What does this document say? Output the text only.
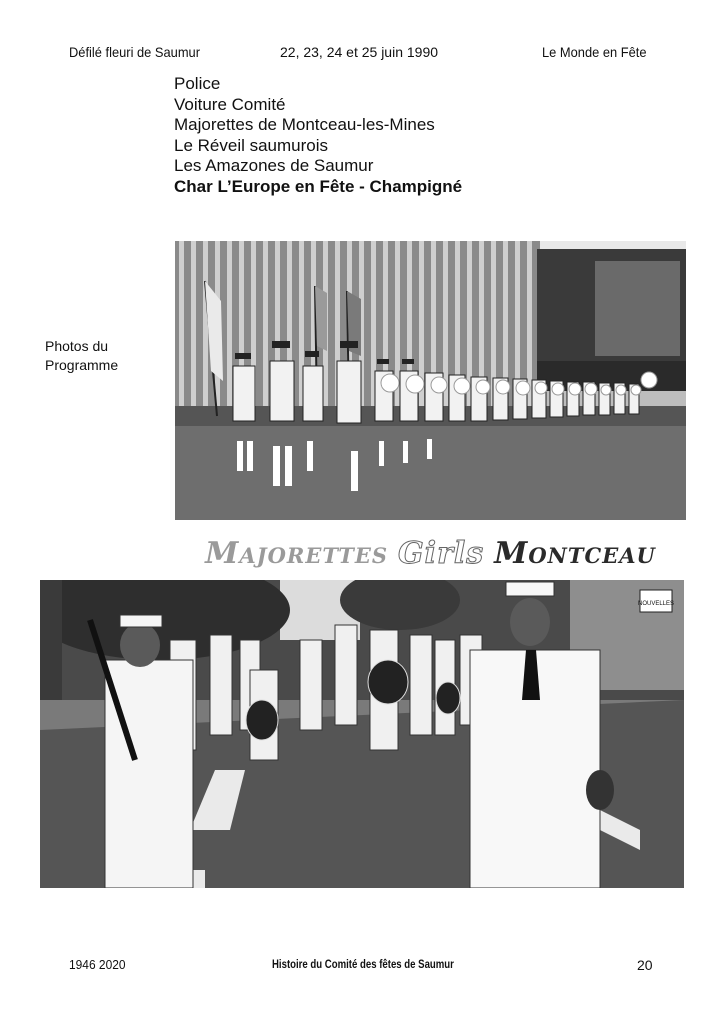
Défilé fleuri de Saumur	22, 23, 24 et 25 juin 1990	Le Monde en Fête
Police
Voiture Comité
Majorettes de Montceau-les-Mines
Le Réveil saumurois
Les Amazones de Saumur
Char L’Europe en Fête - Champigné
Photos du
Programme
Majorettes Girls Montceau
NOUVELLES
1946 2020	Histoire du Comité des fêtes de Saumur	20
